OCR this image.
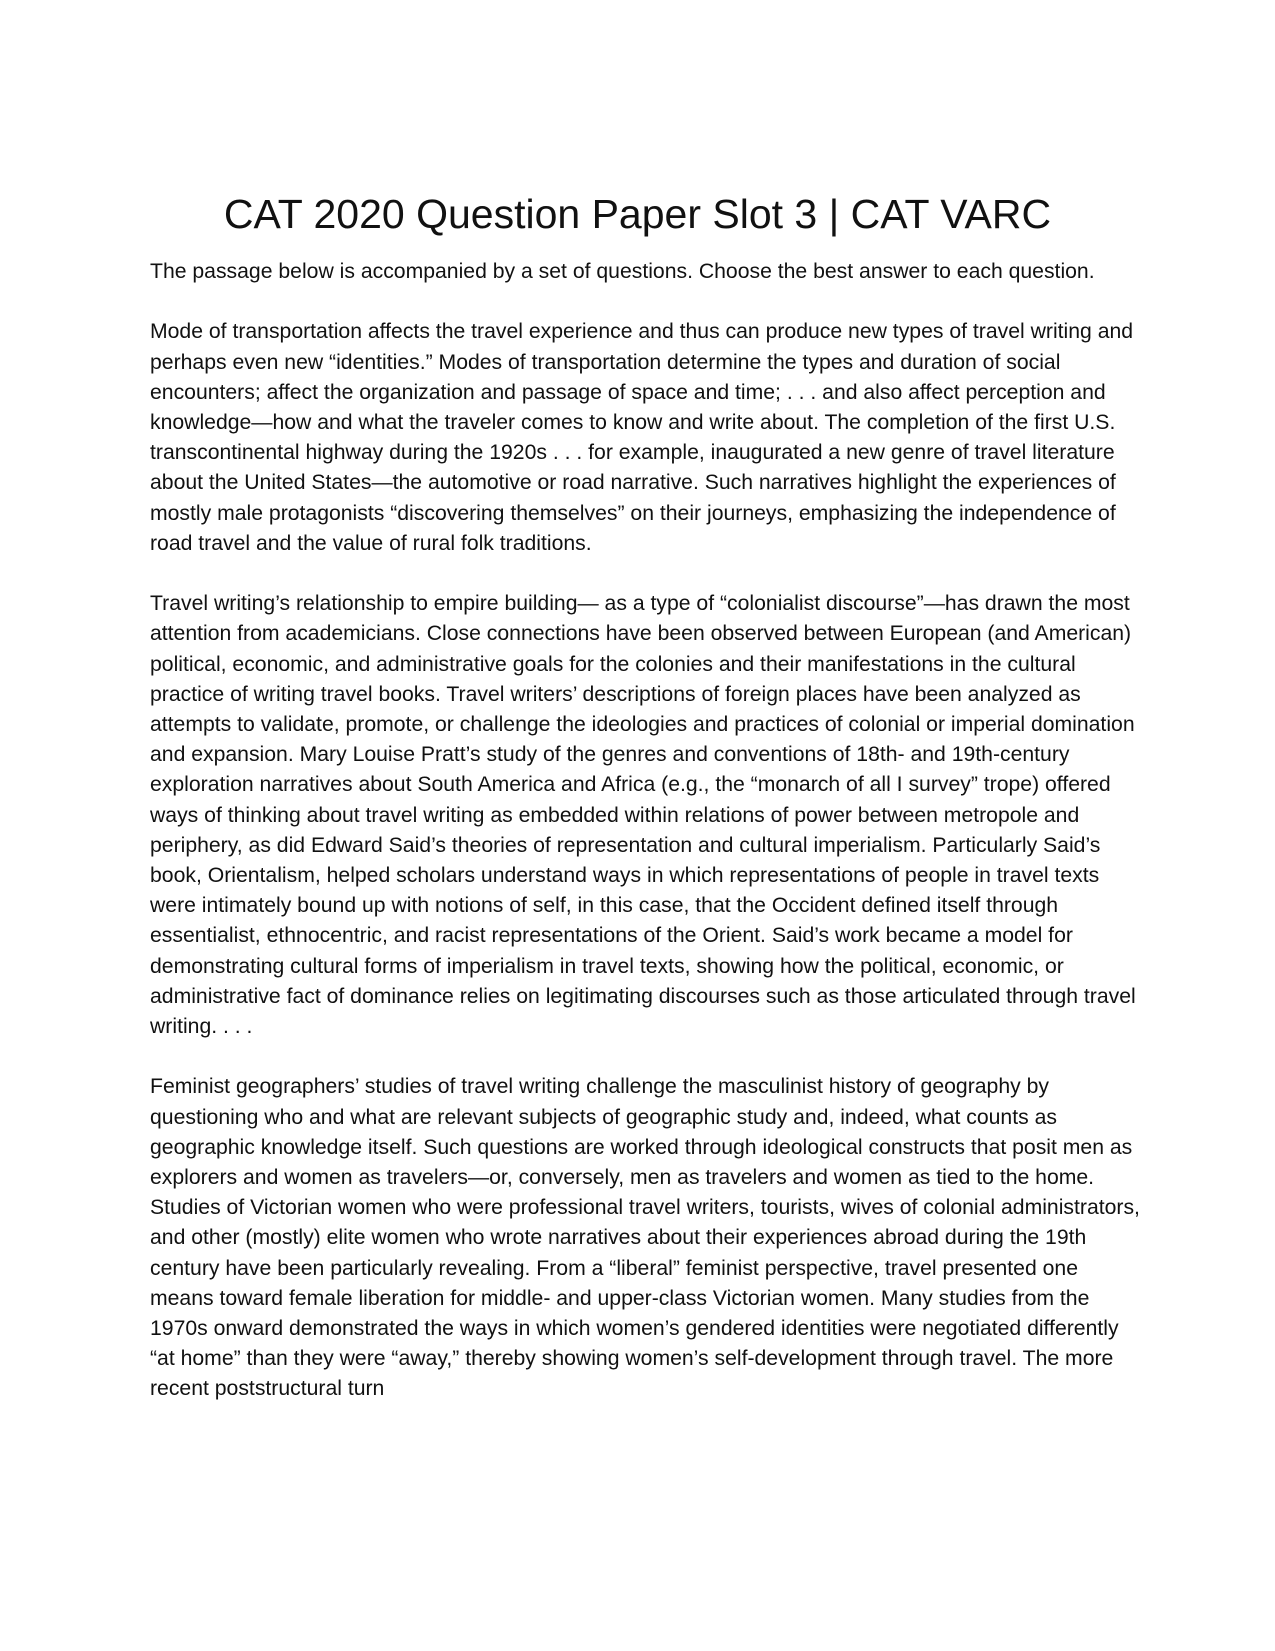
CAT 2020 Question Paper Slot 3 | CAT VARC

The passage below is accompanied by a set of questions. Choose the best answer to each question.

Mode of transportation affects the travel experience and thus can produce new types of travel writing and perhaps even new “identities.” Modes of transportation determine the types and duration of social encounters; affect the organization and passage of space and time; . . . and also affect perception and knowledge—how and what the traveler comes to know and write about. The completion of the first U.S. transcontinental highway during the 1920s . . . for example, inaugurated a new genre of travel literature about the United States—the automotive or road narrative. Such narratives highlight the experiences of mostly male protagonists “discovering themselves” on their journeys, emphasizing the independence of road travel and the value of rural folk traditions.

Travel writing’s relationship to empire building— as a type of “colonialist discourse”—has drawn the most attention from academicians. Close connections have been observed between European (and American) political, economic, and administrative goals for the colonies and their manifestations in the cultural practice of writing travel books. Travel writers’ descriptions of foreign places have been analyzed as attempts to validate, promote, or challenge the ideologies and practices of colonial or imperial domination and expansion. Mary Louise Pratt’s study of the genres and conventions of 18th- and 19th-century exploration narratives about South America and Africa (e.g., the “monarch of all I survey” trope) offered ways of thinking about travel writing as embedded within relations of power between metropole and periphery, as did Edward Said’s theories of representation and cultural imperialism. Particularly Said’s book, Orientalism, helped scholars understand ways in which representations of people in travel texts were intimately bound up with notions of self, in this case, that the Occident defined itself through essentialist, ethnocentric, and racist representations of the Orient. Said’s work became a model for demonstrating cultural forms of imperialism in travel texts, showing how the political, economic, or administrative fact of dominance relies on legitimating discourses such as those articulated through travel writing. . . .

Feminist geographers’ studies of travel writing challenge the masculinist history of geography by questioning who and what are relevant subjects of geographic study and, indeed, what counts as geographic knowledge itself. Such questions are worked through ideological constructs that posit men as explorers and women as travelers—or, conversely, men as travelers and women as tied to the home. Studies of Victorian women who were professional travel writers, tourists, wives of colonial administrators, and other (mostly) elite women who wrote narratives about their experiences abroad during the 19th century have been particularly revealing. From a “liberal” feminist perspective, travel presented one means toward female liberation for middle- and upper-class Victorian women. Many studies from the 1970s onward demonstrated the ways in which women’s gendered identities were negotiated differently “at home” than they were “away,” thereby showing women’s self-development through travel. The more recent poststructural turn
